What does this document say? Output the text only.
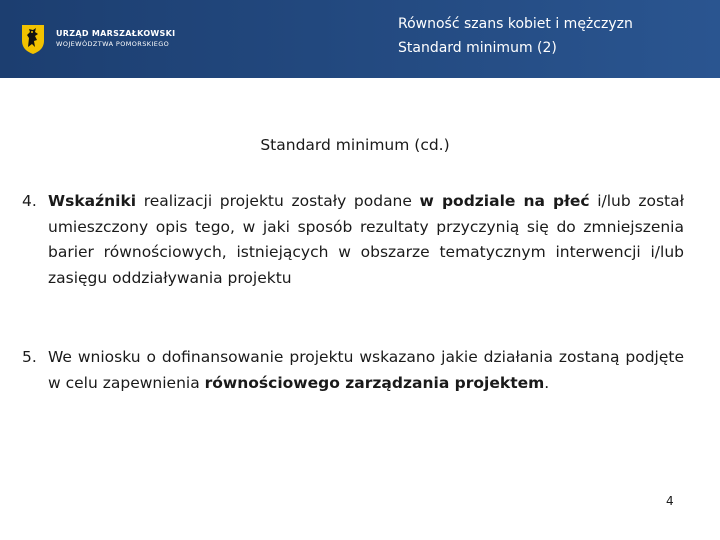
URZĄD MARSZAŁKOWSKI
WOJEWÓDZTWA POMORSKIEGO
Równość szans kobiet i mężczyzn
Standard minimum (2)
Standard minimum (cd.)
4. Wskaźniki realizacji projektu zostały podane w podziale na płeć i/lub został umieszczony opis tego, w jaki sposób rezultaty przyczynią się do zmniejszenia barier równościowych, istniejących w obszarze tematycznym interwencji i/lub zasięgu oddziaływania projektu
5. We wniosku o dofinansowanie projektu wskazano jakie działania zostaną podjęte w celu zapewnienia równościowego zarządzania projektem.
4
